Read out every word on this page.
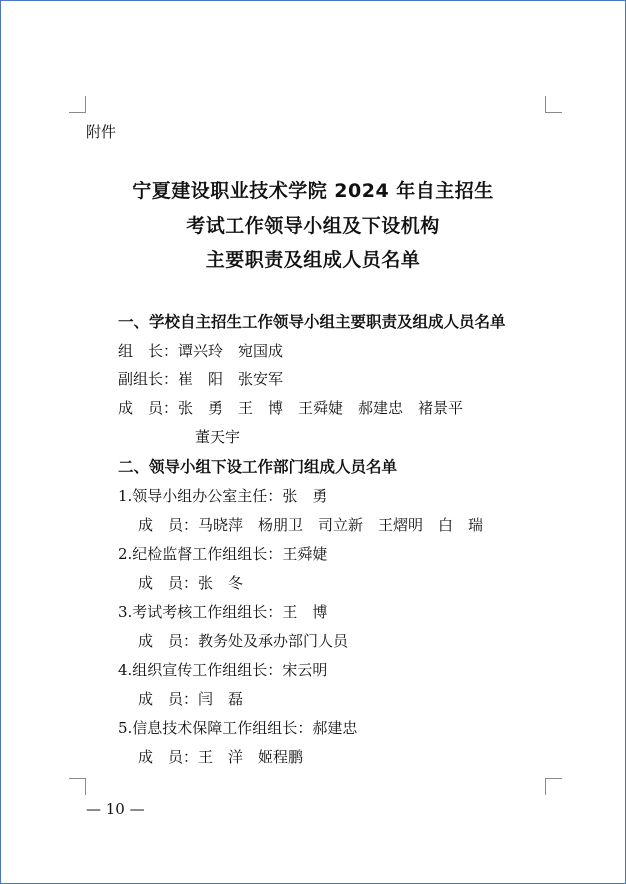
附件
宁夏建设职业技术学院 2024 年自主招生
考试工作领导小组及下设机构
主要职责及组成人员名单
一、学校自主招生工作领导小组主要职责及组成人员名单
组　长：谭兴玲　宛国成
副组长：崔　阳　张安军
成　员：张　勇　王　博　王舜婕　郝建忠　褚景平
董天宇
二、领导小组下设工作部门组成人员名单
1.领导小组办公室主任：张　勇
成　员：马晓萍　杨朋卫　司立新　王熠明　白　瑞
2.纪检监督工作组组长：王舜婕
成　员：张　冬
3.考试考核工作组组长：王　博
成　员：教务处及承办部门人员
4.组织宣传工作组组长：宋云明
成　员：闫　磊
5.信息技术保障工作组组长：郝建忠
成　员：王　洋　姬程鹏
— 10 —
